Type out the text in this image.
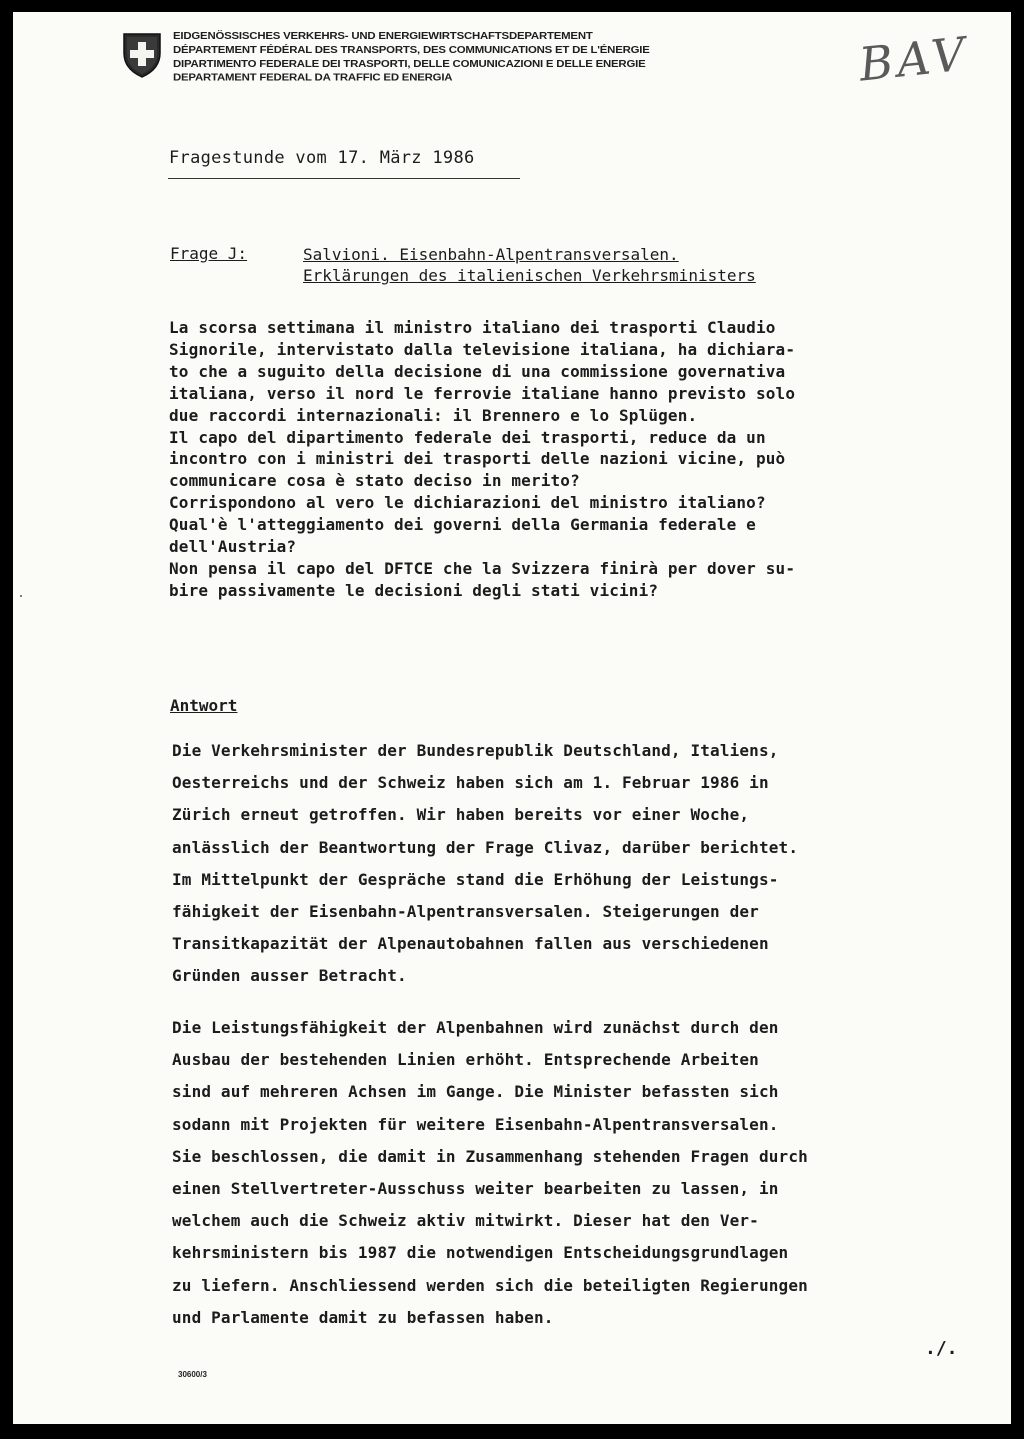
EIDGENÖSSISCHES VERKEHRS- UND ENERGIEWIRTSCHAFTSDEPARTEMENT
DÉPARTEMENT FÉDÉRAL DES TRANSPORTS, DES COMMUNICATIONS ET DE L'ÉNERGIE
DIPARTIMENTO FEDERALE DEI TRASPORTI, DELLE COMUNICAZIONI E DELLE ENERGIE
DEPARTAMENT FEDERAL DA TRAFFIC ED ENERGIA	BAV
Fragestunde vom 17. März 1986
Frage J:	Salvioni. Eisenbahn-Alpentransversalen.
Erklärungen des italienischen Verkehrsministers
La scorsa settimana il ministro italiano dei trasporti Claudio
Signorile, intervistato dalla televisione italiana, ha dichiara-
to che a suguito della decisione di una commissione governativa
italiana, verso il nord le ferrovie italiane hanno previsto solo
due raccordi internazionali: il Brennero e lo Splügen.
Il capo del dipartimento federale dei trasporti, reduce da un
incontro con i ministri dei trasporti delle nazioni vicine, può
communicare cosa è stato deciso in merito?
Corrispondono al vero le dichiarazioni del ministro italiano?
Qual'è l'atteggiamento dei governi della Germania federale e
dell'Austria?
Non pensa il capo del DFTCE che la Svizzera finirà per dover su-
bire passivamente le decisioni degli stati vicini?
Antwort
Die Verkehrsminister der Bundesrepublik Deutschland, Italiens,
Oesterreichs und der Schweiz haben sich am 1. Februar 1986 in
Zürich erneut getroffen. Wir haben bereits vor einer Woche,
anlässlich der Beantwortung der Frage Clivaz, darüber berichtet.
Im Mittelpunkt der Gespräche stand die Erhöhung der Leistungs-
fähigkeit der Eisenbahn-Alpentransversalen. Steigerungen der
Transitkapazität der Alpenautobahnen fallen aus verschiedenen
Gründen ausser Betracht.
Die Leistungsfähigkeit der Alpenbahnen wird zunächst durch den
Ausbau der bestehenden Linien erhöht. Entsprechende Arbeiten
sind auf mehreren Achsen im Gange. Die Minister befassten sich
sodann mit Projekten für weitere Eisenbahn-Alpentransversalen.
Sie beschlossen, die damit in Zusammenhang stehenden Fragen durch
einen Stellvertreter-Ausschuss weiter bearbeiten zu lassen, in
welchem auch die Schweiz aktiv mitwirkt. Dieser hat den Ver-
kehrsministern bis 1987 die notwendigen Entscheidungsgrundlagen
zu liefern. Anschliessend werden sich die beteiligten Regierungen
und Parlamente damit zu befassen haben.
./.
30600/3
